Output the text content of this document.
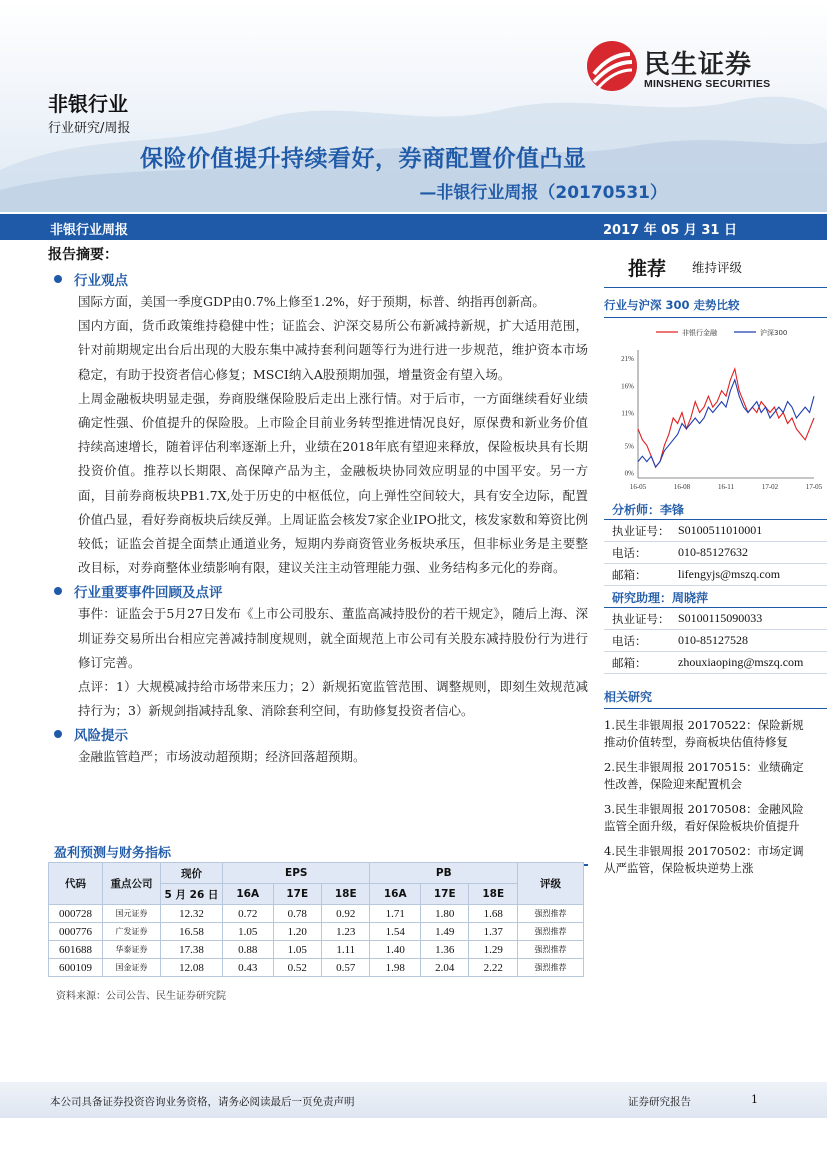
民生证券
MINSHENG SECURITIES
非银行业
行业研究/周报
保险价值提升持续看好，券商配置价值凸显
—非银行业周报（20170531）
非银行业周报	2017 年 05 月 31 日
报告摘要：
行业观点

国际方面，美国一季度GDP由0.7%上修至1.2%，好于预期，标普、纳指再创新高。

国内方面，货币政策维持稳健中性；证监会、沪深交易所公布新减持新规，扩大适用范围，针对前期规定出台后出现的大股东集中减持套利问题等行为进行进一步规范，维护资本市场稳定，有助于投资者信心修复；MSCI纳入A股预期加强，增量资金有望入场。

上周金融板块明显走强，券商股继保险股后走出上涨行情。对于后市，一方面继续看好业绩确定性强、价值提升的保险股。上市险企目前业务转型推进情况良好，原保费和新业务价值持续高速增长，随着评估利率逐渐上升，业绩在2018年底有望迎来释放，保险板块具有长期投资价值。推荐以长期限、高保障产品为主，金融板块协同效应明显的中国平安。另一方面，目前券商板块PB1.7X,处于历史的中枢低位，向上弹性空间较大，具有安全边际，配置价值凸显，看好券商板块后续反弹。上周证监会核发7家企业IPO批文，核发家数和筹资比例较低；证监会首提全面禁止通道业务，短期内券商资管业务板块承压，但非标业务是主要整改目标，对券商整体业绩影响有限，建议关注主动管理能力强、业务结构多元化的券商。

行业重要事件回顾及点评

事件：证监会于5月27日发布《上市公司股东、董监高减持股份的若干规定》，随后上海、深圳证券交易所出台相应完善减持制度规则，就全面规范上市公司有关股东减持股份行为进行修订完善。

点评：1）大规模减持给市场带来压力；2）新规拓宽监管范围、调整规则，即刻生效规范减持行为；3）新规剑指减持乱象、消除套利空间，有助修复投资者信心。

风险提示

金融监管趋严；市场波动超预期；经济回落超预期。

推荐 维持评级
行业与沪深 300 走势比较
0%
5%
11%
16%
21%
16-05	16-08	16-11	17-02	17-05
非银行金融	沪深300
分析师：李锋
执业证号： S0100511010001
电话：	010-85127632
邮箱：	lifengyjs@mszq.com
研究助理：周晓萍
执业证号： S0100115090033
电话：	010-85127528
邮箱：	zhouxiaoping@mszq.com
相关研究
1.民生非银周报 20170522：保险新规推动价值转型，券商板块估值待修复
2.民生非银周报 20170515：业绩确定性改善，保险迎来配置机会
3.民生非银周报 20170508：金融风险监管全面升级，看好保险板块价值提升
4.民生非银周报 20170502：市场定调从严监管，保险板块逆势上涨
盈利预测与财务指标
代码	重点公司	现价	EPS			PB			评级
		5 月 26 日	16A	17E	18E	16A	17E	18E	
000728	国元证券	12.32	0.72	0.78	0.92	1.71	1.80	1.68	强烈推荐
000776	广发证券	16.58	1.05	1.20	1.23	1.54	1.49	1.37	强烈推荐
601688	华泰证券	17.38	0.88	1.05	1.11	1.40	1.36	1.29	强烈推荐
600109	国金证券	12.08	0.43	0.52	0.57	1.98	2.04	2.22	强烈推荐
资料来源：公司公告、民生证券研究院
本公司具备证券投资咨询业务资格，请务必阅读最后一页免责声明	证券研究报告	1
